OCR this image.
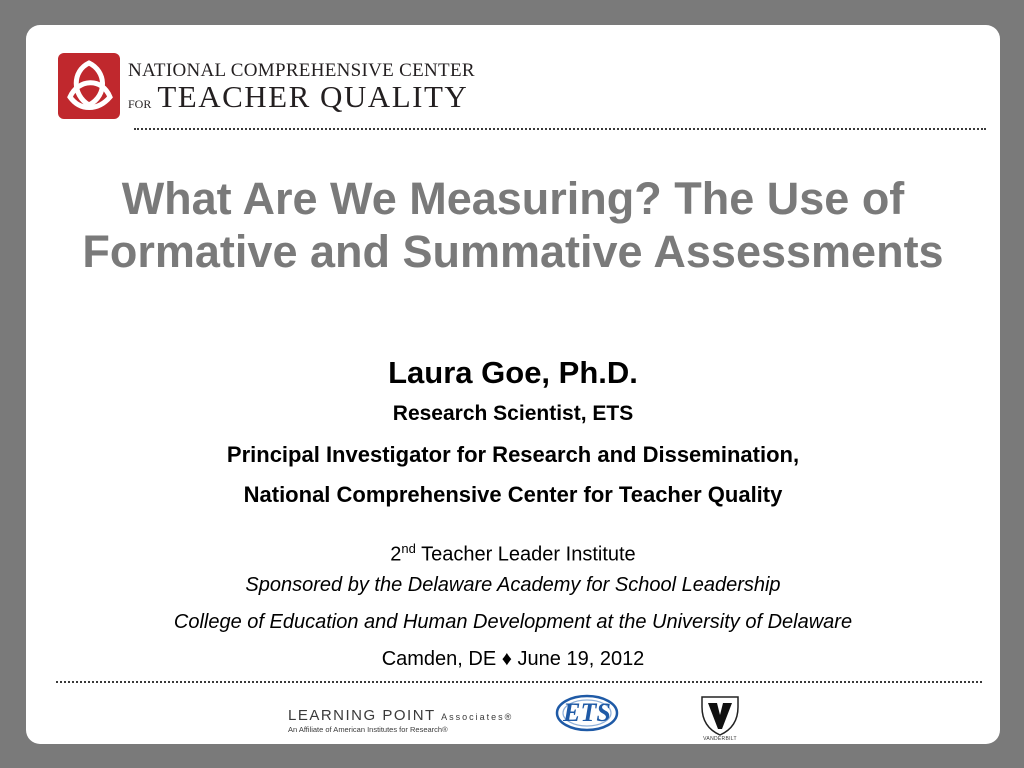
NATIONAL COMPREHENSIVE CENTER
FOR TEACHER QUALITY
What Are We Measuring? The Use of Formative and Summative Assessments
Laura Goe, Ph.D.
Research Scientist, ETS
Principal Investigator for Research and Dissemination,
National Comprehensive Center for Teacher Quality
2nd Teacher Leader Institute
Sponsored by the Delaware Academy for School Leadership
College of Education and Human Development at the University of Delaware
Camden, DE ♦ June 19, 2012
LEARNING POINT Associates®
An Affiliate of American Institutes for Research®
ETS
VANDERBILT
